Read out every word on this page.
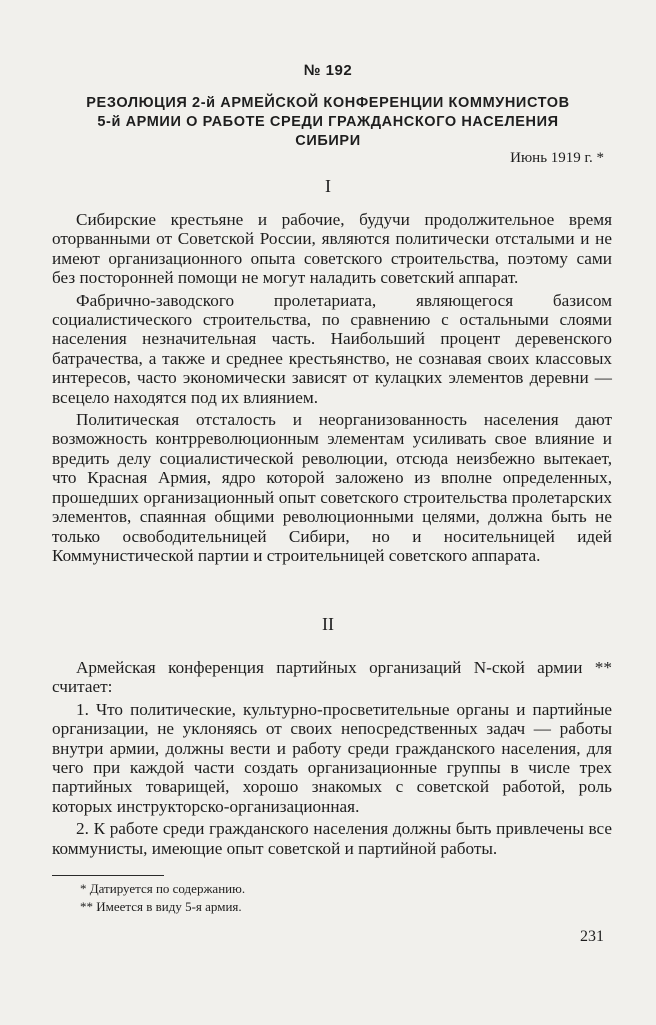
№ 192
РЕЗОЛЮЦИЯ 2-й АРМЕЙСКОЙ КОНФЕРЕНЦИИ КОММУНИСТОВ
5-й АРМИИ О РАБОТЕ СРЕДИ ГРАЖДАНСКОГО НАСЕЛЕНИЯ
СИБИРИ
Июнь 1919 г. *
I

Сибирские крестьяне и рабочие, будучи продолжительное время оторванными от Советской России, являются политически отсталыми и не имеют организационного опыта советского строительства, поэтому сами без посторонней помощи не могут наладить советский аппарат.

Фабрично-заводского пролетариата, являющегося базисом социалистического строительства, по сравнению с остальными слоями населения незначительная часть. Наибольший процент деревенского батрачества, а также и среднее крестьянство, не сознавая своих классовых интересов, часто экономически зависят от кулацких элементов деревни — всецело находятся под их влиянием.

Политическая отсталость и неорганизованность населения дают возможность контрреволюционным элементам усиливать свое влияние и вредить делу социалистической революции, отсюда неизбежно вытекает, что Красная Армия, ядро которой заложено из вполне определенных, прошедших организационный опыт советского строительства пролетарских элементов, спаянная общими революционными целями, должна быть не только освободительницей Сибири, но и носительницей идей Коммунистической партии и строительницей советского аппарата.

II

Армейская конференция партийных организаций N-ской армии ** считает:

1. Что политические, культурно-просветительные органы и партийные организации, не уклоняясь от своих непосредственных задач — работы внутри армии, должны вести и работу среди гражданского населения, для чего при каждой части создать организационные группы в числе трех партийных товарищей, хорошо знакомых с советской работой, роль которых инструкторско-организационная.

2. К работе среди гражданского населения должны быть привлечены все коммунисты, имеющие опыт советской и партийной работы.

* Датируется по содержанию.
** Имеется в виду 5-я армия.
231
